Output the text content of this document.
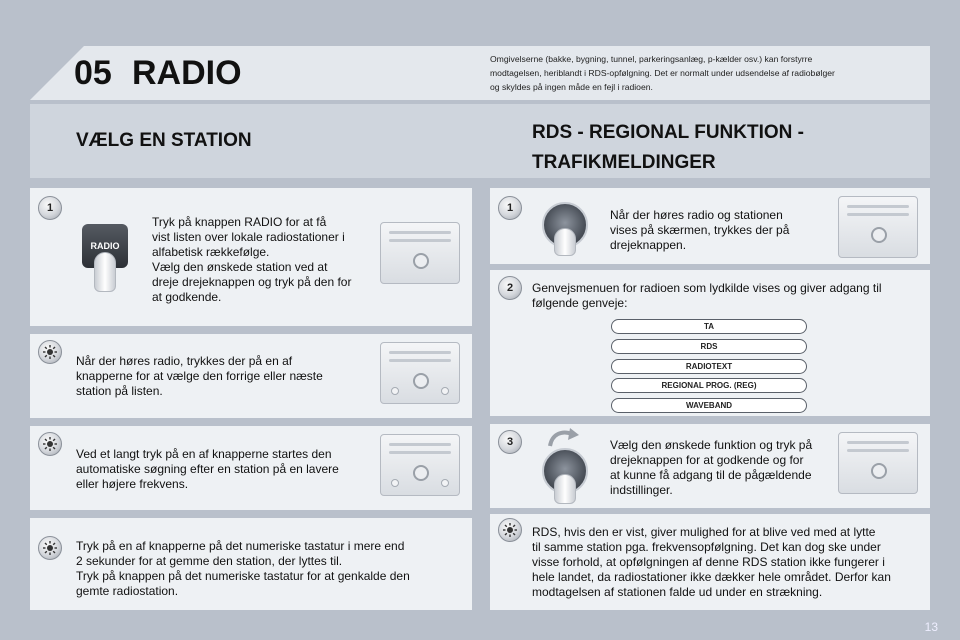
05 RADIO	Omgivelserne (bakke, bygning, tunnel, parkeringsanlæg, p-kælder osv.) kan forstyrre
modtagelsen, heriblandt i RDS-opfølgning. Det er normalt under udsendelse af radiobølger
og skyldes på ingen måde en fejl i radioen.
VÆLG EN STATION	RDS - REGIONAL FUNKTION -
TRAFIKMELDINGER
1
RADIO
Tryk på knappen RADIO for at få
vist listen over lokale radiostationer i
alfabetisk rækkefølge.
Vælg den ønskede station ved at
dreje drejeknappen og tryk på den for
at godkende.
Når der høres radio, trykkes der på en af
knapperne for at vælge den forrige eller næste
station på listen.
Ved et langt tryk på en af knapperne startes den
automatiske søgning efter en station på en lavere
eller højere frekvens.
Tryk på en af knapperne på det numeriske tastatur i mere end
2 sekunder for at gemme den station, der lyttes til.
Tryk på knappen på det numeriske tastatur for at genkalde den
gemte radiostation.
1	Når der høres radio og stationen
vises på skærmen, trykkes der på
drejeknappen.
2	Genvejsmenuen for radioen som lydkilde vises og giver adgang til
følgende genveje:
TA
RDS
RADIOTEXT
REGIONAL PROG. (REG)
WAVEBAND
3	Vælg den ønskede funktion og tryk på
drejeknappen for at godkende og for
at kunne få adgang til de pågældende
indstillinger.
RDS, hvis den er vist, giver mulighed for at blive ved med at lytte
til samme station pga. frekvensopfølgning. Det kan dog ske under
visse forhold, at opfølgningen af denne RDS station ikke fungerer i
hele landet, da radiostationer ikke dækker hele området. Derfor kan
modtagelsen af stationen falde ud under en strækning.
13
